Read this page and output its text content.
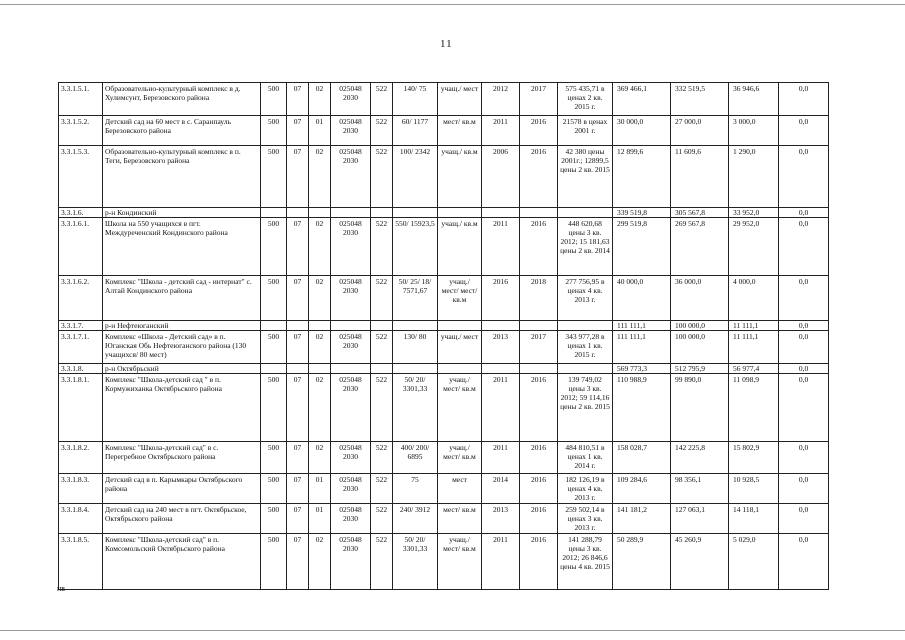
11
3.3.1.5.1.	Образовательно-культурный комплекс в д. Хулимсунт, Березовского района	500	07	02	025048 2030	522	140/ 75	учащ./ мест	2012	2017	575 435,71 в ценах 2 кв. 2015 г.	369 466,1	332 519,5	36 946,6	0,0
3.3.1.5.2.	Детский сад на 60 мест в с. Саранпауль Березовского района	500	07	01	025048 2030	522	60/ 1177	мест/ кв.м	2011	2016	21578 в ценах 2001 г.	30 000,0	27 000,0	3 000,0	0,0
3.3.1.5.3.	Образовательно-культурный комплекс в п. Теги, Березовского района	500	07	02	025048 2030	522	100/ 2342	учащ./ кв.м	2006	2016	42 380 цены 2001г.; 12899,5 цены 2 кв. 2015	12 899,6	11 609,6	1 290,0	0,0
3.3.1.6.	р-н Кондинский											339 519,8	305 567,8	33 952,0	0,0
3.3.1.6.1.	Школа на 550 учащихся в пгт. Междуреченский Кондинского района	500	07	02	025048 2030	522	550/ 15923,5	учащ./ кв.м	2011	2016	448 620,68 цены 3 кв. 2012; 15 181,63 цены 2 кв. 2014	299 519,8	269 567,8	29 952,0	0,0
3.3.1.6.2.	Комплекс "Школа - детский сад - интернат" с. Алтай Кондинского района	500	07	02	025048 2030	522	50/ 25/ 18/ 7571,67	учащ./ мест/ мест/ кв.м	2016	2018	277 756,95 в ценах 4 кв. 2013 г.	40 000,0	36 000,0	4 000,0	0,0
3.3.1.7.	р-н Нефтеюганский											111 111,1	100 000,0	11 111,1	0,0
3.3.1.7.1.	Комплекс «Школа - Детский сад» в п. Юганская Обь Нефтеюганского района (130 учащихся/ 80 мест)	500	07	02	025048 2030	522	130/ 80	учащ./ мест	2013	2017	343 977,28 в ценах 1 кв. 2015 г.	111 111,1	100 000,0	11 111,1	0,0
3.3.1.8.	р-н Октябрьский											569 773,3	512 795,9	56 977,4	0,0
3.3.1.8.1.	Комплекс "Школа-детский сад " в п. Кормужиханка Октябрьского района	500	07	02	025048 2030	522	50/ 20/ 3301,33	учащ./ мест/ кв.м	2011	2016	139 749,02 цены 3 кв. 2012; 59 114,16 цены 2 кв. 2015	110 988,9	99 890,0	11 098,9	0,0
3.3.1.8.2.	Комплекс "Школа-детский сад" в с. Перегребное Октябрьского района	500	07	02	025048 2030	522	400/ 200/ 6895	учащ./ мест/ кв.м	2011	2016	484 810,51 в ценах 1 кв. 2014 г.	158 028,7	142 225,8	15 802,9	0,0
3.3.1.8.3.	Детский сад в п. Карымкары Октябрьского района	500	07	01	025048 2030	522	75	мест	2014	2016	182 126,19 в ценах 4 кв. 2013 г.	109 284,6	98 356,1	10 928,5	0,0
3.3.1.8.4.	Детский сад на 240 мест в пгт. Октябрьское, Октябрьского района	500	07	01	025048 2030	522	240/ 3912	мест/ кв.м	2013	2016	259 502,14 в ценах 3 кв. 2013 г.	141 181,2	127 063,1	14 118,1	0,0
3.3.1.8.5.	Комплекс "Школа-детский сад" в п. Комсомольский Октябрьского района	500	07	02	025048 2030	522	50/ 20/ 3301,33	учащ./ мест/ кв.м	2011	2016	141 288,79 цены 3 кв. 2012; 26 846,6 цены 4 кв. 2015	50 289,9	45 260,9	5 029,0	0,0
нв
